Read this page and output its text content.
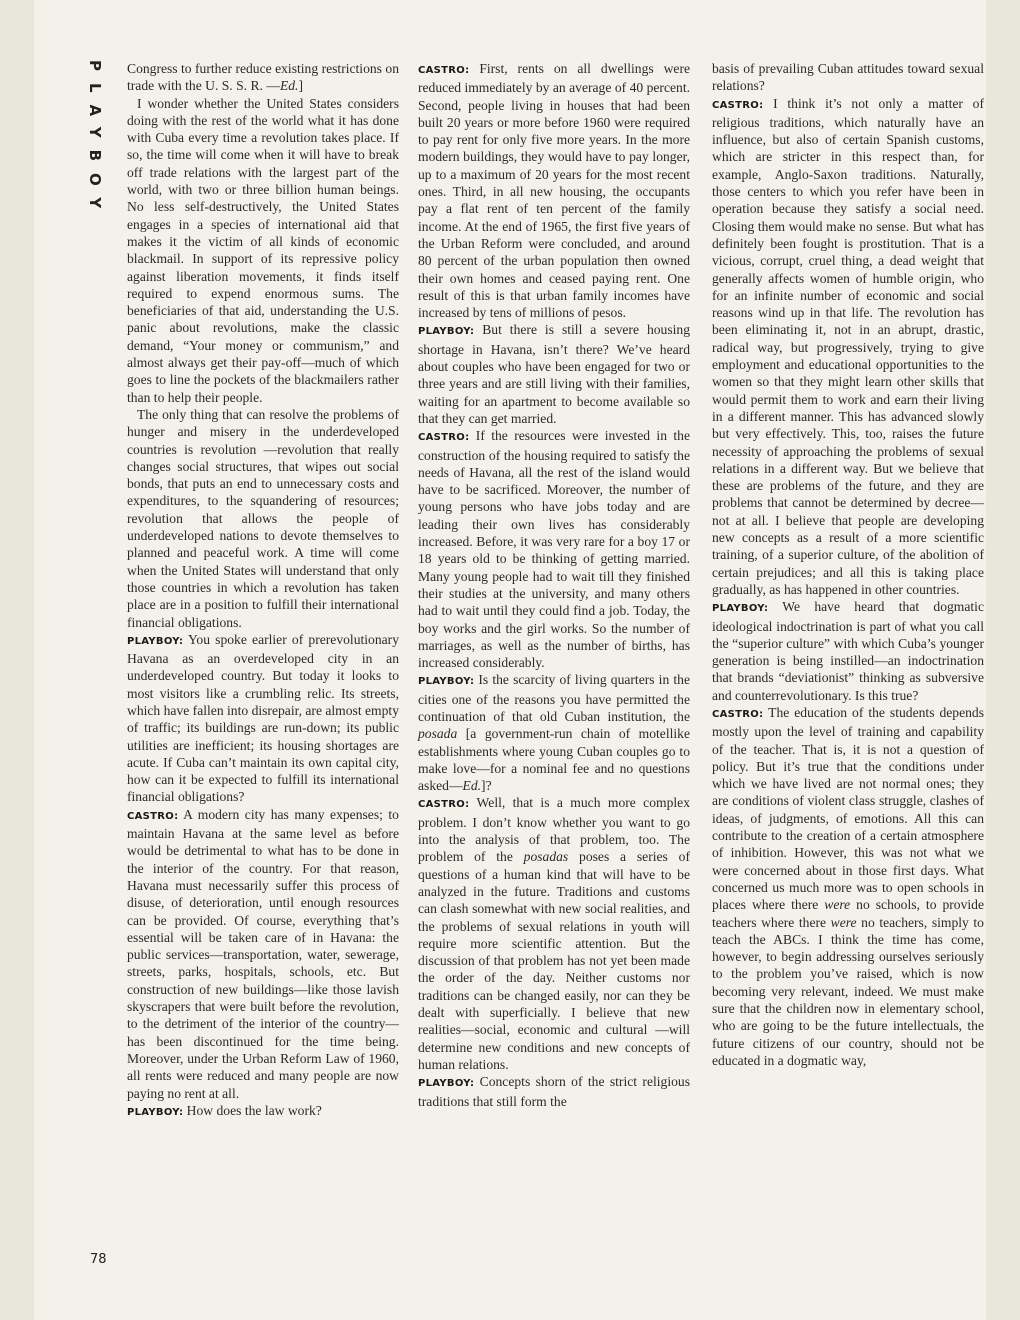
PLAYBOY
78

Congress to further reduce existing restrictions on trade with the U. S. S. R. —Ed.]

I wonder whether the United States considers doing with the rest of the world what it has done with Cuba every time a revolution takes place. If so, the time will come when it will have to break off trade relations with the largest part of the world, with two or three billion human beings. No less self-destructively, the United States engages in a species of international aid that makes it the victim of all kinds of economic blackmail. In support of its repressive policy against liberation movements, it finds itself required to expend enormous sums. The beneficiaries of that aid, understanding the U.S. panic about revolutions, make the classic demand, “Your money or communism,” and almost always get their pay-off—much of which goes to line the pockets of the blackmailers rather than to help their people.

The only thing that can resolve the problems of hunger and misery in the underdeveloped countries is revolution —revolution that really changes social structures, that wipes out social bonds, that puts an end to unnecessary costs and expenditures, to the squandering of resources; revolution that allows the people of underdeveloped nations to devote themselves to planned and peaceful work. A time will come when the United States will understand that only those countries in which a revolution has taken place are in a position to fulfill their international financial obligations.

PLAYBOY: You spoke earlier of prerevolutionary Havana as an overdeveloped city in an underdeveloped country. But today it looks to most visitors like a crumbling relic. Its streets, which have fallen into disrepair, are almost empty of traffic; its buildings are run-down; its public utilities are inefficient; its housing shortages are acute. If Cuba can’t maintain its own capital city, how can it be expected to fulfill its international financial obligations?

CASTRO: A modern city has many expenses; to maintain Havana at the same level as before would be detrimental to what has to be done in the interior of the country. For that reason, Havana must necessarily suffer this process of disuse, of deterioration, until enough resources can be provided. Of course, everything that’s essential will be taken care of in Havana: the public services—transportation, water, sewerage, streets, parks, hospitals, schools, etc. But construction of new buildings—like those lavish skyscrapers that were built before the revolution, to the detriment of the interior of the country—has been discontinued for the time being. Moreover, under the Urban Reform Law of 1960, all rents were reduced and many people are now paying no rent at all.

PLAYBOY: How does the law work?

CASTRO: First, rents on all dwellings were reduced immediately by an average of 40 percent. Second, people living in houses that had been built 20 years or more before 1960 were required to pay rent for only five more years. In the more modern buildings, they would have to pay longer, up to a maximum of 20 years for the most recent ones. Third, in all new housing, the occupants pay a flat rent of ten percent of the family income. At the end of 1965, the first five years of the Urban Reform were concluded, and around 80 percent of the urban population then owned their own homes and ceased paying rent. One result of this is that urban family incomes have increased by tens of millions of pesos.

PLAYBOY: But there is still a severe housing shortage in Havana, isn’t there? We’ve heard about couples who have been engaged for two or three years and are still living with their families, waiting for an apartment to become available so that they can get married.

CASTRO: If the resources were invested in the construction of the housing required to satisfy the needs of Havana, all the rest of the island would have to be sacrificed. Moreover, the number of young persons who have jobs today and are leading their own lives has considerably increased. Before, it was very rare for a boy 17 or 18 years old to be thinking of getting married. Many young people had to wait till they finished their studies at the university, and many others had to wait until they could find a job. Today, the boy works and the girl works. So the number of marriages, as well as the number of births, has increased considerably.

PLAYBOY: Is the scarcity of living quarters in the cities one of the reasons you have permitted the continuation of that old Cuban institution, the posada [a government-run chain of motellike establishments where young Cuban couples go to make love—for a nominal fee and no questions asked—Ed.]?

CASTRO: Well, that is a much more complex problem. I don’t know whether you want to go into the analysis of that problem, too. The problem of the posadas poses a series of questions of a human kind that will have to be analyzed in the future. Traditions and customs can clash somewhat with new social realities, and the problems of sexual relations in youth will require more scientific attention. But the discussion of that problem has not yet been made the order of the day. Neither customs nor traditions can be changed easily, nor can they be dealt with superficially. I believe that new realities—social, economic and cultural —will determine new conditions and new concepts of human relations.

PLAYBOY: Concepts shorn of the strict religious traditions that still form the

basis of prevailing Cuban attitudes toward sexual relations?

CASTRO: I think it’s not only a matter of religious traditions, which naturally have an influence, but also of certain Spanish customs, which are stricter in this respect than, for example, Anglo-Saxon traditions. Naturally, those centers to which you refer have been in operation because they satisfy a social need. Closing them would make no sense. But what has definitely been fought is prostitution. That is a vicious, corrupt, cruel thing, a dead weight that generally affects women of humble origin, who for an infinite number of economic and social reasons wind up in that life. The revolution has been eliminating it, not in an abrupt, drastic, radical way, but progressively, trying to give employment and educational opportunities to the women so that they might learn other skills that would permit them to work and earn their living in a different manner. This has advanced slowly but very effectively. This, too, raises the future necessity of approaching the problems of sexual relations in a different way. But we believe that these are problems of the future, and they are problems that cannot be determined by decree—not at all. I believe that people are developing new concepts as a result of a more scientific training, of a superior culture, of the abolition of certain prejudices; and all this is taking place gradually, as has happened in other countries.

PLAYBOY: We have heard that dogmatic ideological indoctrination is part of what you call the “superior culture” with which Cuba’s younger generation is being instilled—an indoctrination that brands “deviationist” thinking as subversive and counterrevolutionary. Is this true?

CASTRO: The education of the students depends mostly upon the level of training and capability of the teacher. That is, it is not a question of policy. But it’s true that the conditions under which we have lived are not normal ones; they are conditions of violent class struggle, clashes of ideas, of judgments, of emotions. All this can contribute to the creation of a certain atmosphere of inhibition. However, this was not what we were concerned about in those first days. What concerned us much more was to open schools in places where there were no schools, to provide teachers where there were no teachers, simply to teach the ABCs. I think the time has come, however, to begin addressing ourselves seriously to the problem you’ve raised, which is now becoming very relevant, indeed. We must make sure that the children now in elementary school, who are going to be the future intellectuals, the future citizens of our country, should not be educated in a dogmatic way,
